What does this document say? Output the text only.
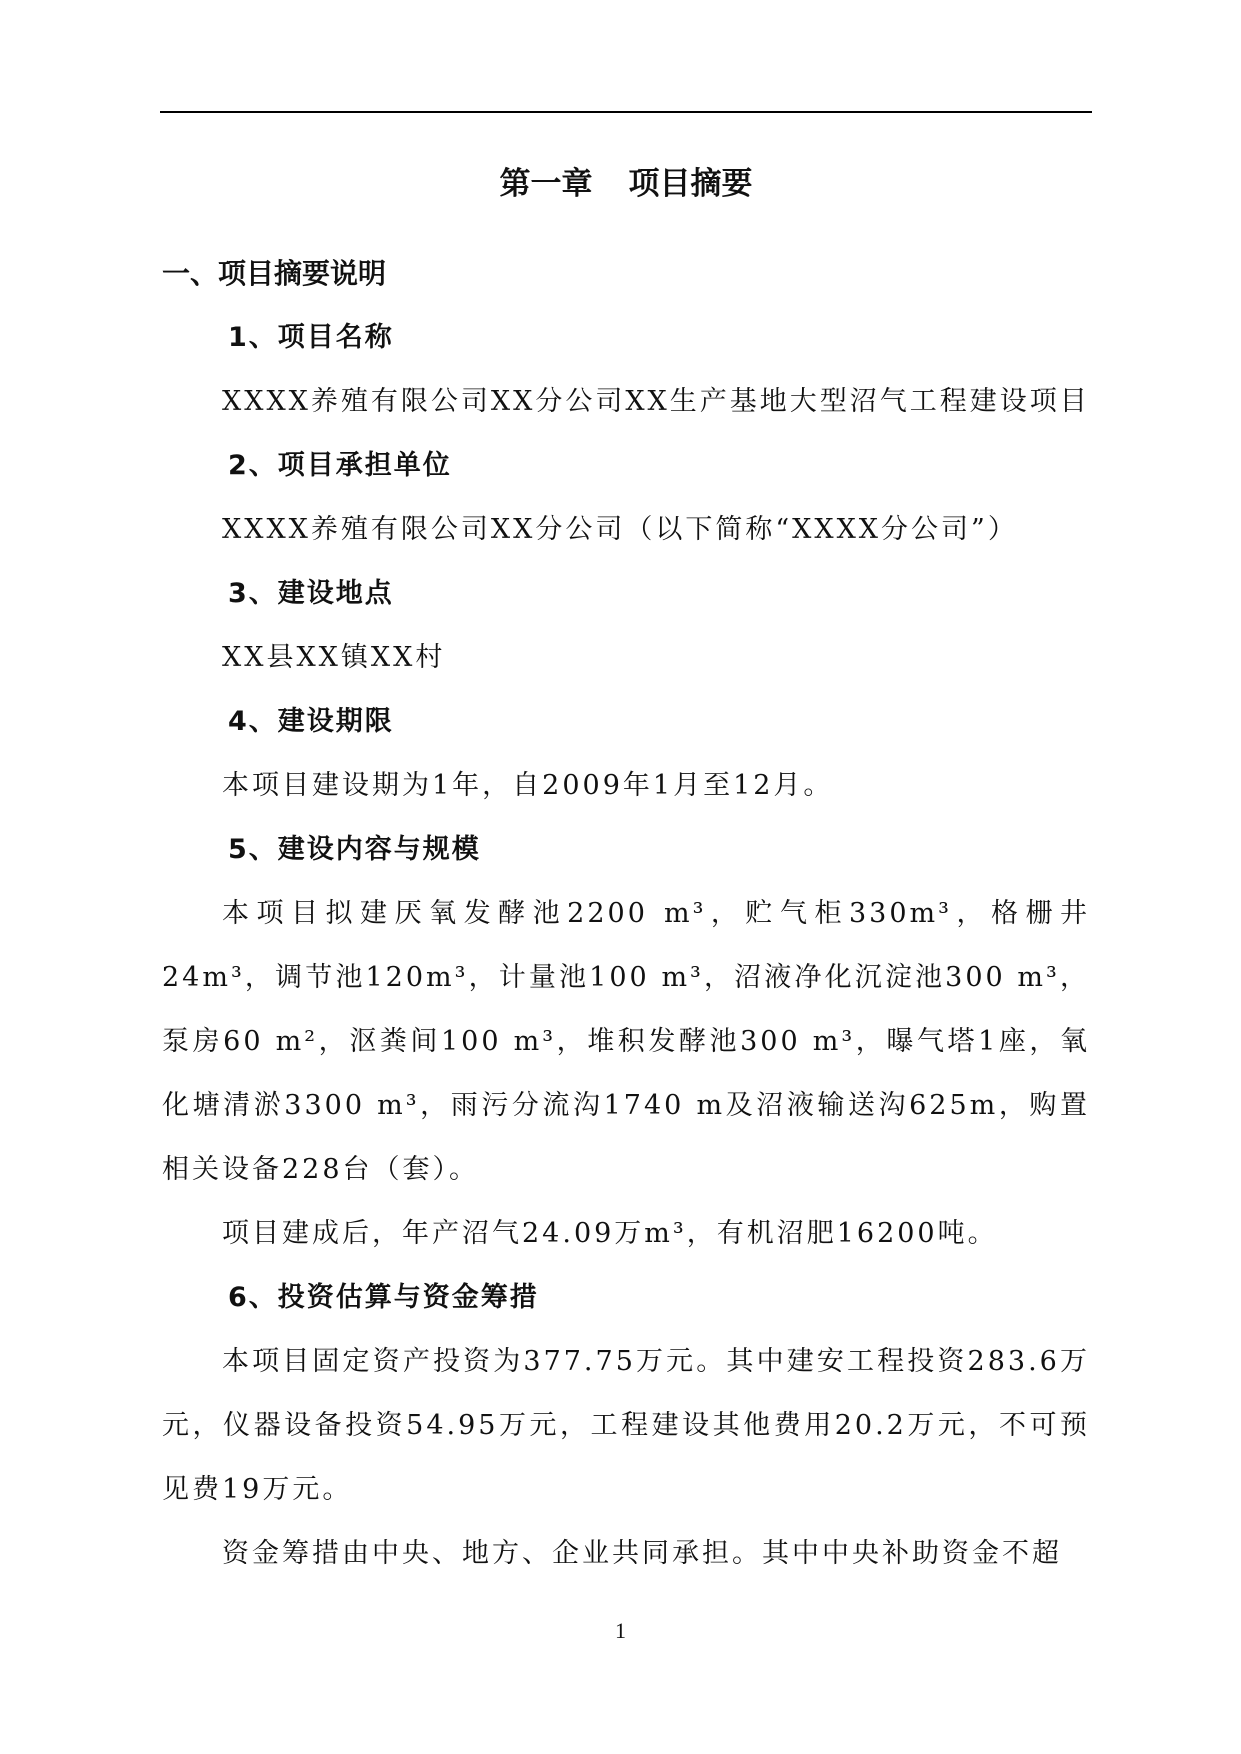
第一章 项目摘要
一、项目摘要说明
1、项目名称

XXXX养殖有限公司XX分公司XX生产基地大型沼气工程建设项目

2、项目承担单位

XXXX养殖有限公司XX分公司（以下简称“XXXX分公司”）

3、建设地点

XX县XX镇XX村

4、建设期限

本项目建设期为1年，自2009年1月至12月。

5、建设内容与规模

本项目拟建厌氧发酵池2200 m³，贮气柜330m³，格栅井24m³，调节池120m³，计量池100 m³，沼液净化沉淀池300 m³，泵房60 m²，沤粪间100 m³，堆积发酵池300 m³，曝气塔1座，氧化塘清淤3300 m³，雨污分流沟1740 m及沼液输送沟625m，购置相关设备228台（套）。

项目建成后，年产沼气24.09万m³，有机沼肥16200吨。

6、投资估算与资金筹措

本项目固定资产投资为377.75万元。其中建安工程投资283.6万元，仪器设备投资54.95万元，工程建设其他费用20.2万元，不可预见费19万元。

资金筹措由中央、地方、企业共同承担。其中中央补助资金不超

1
